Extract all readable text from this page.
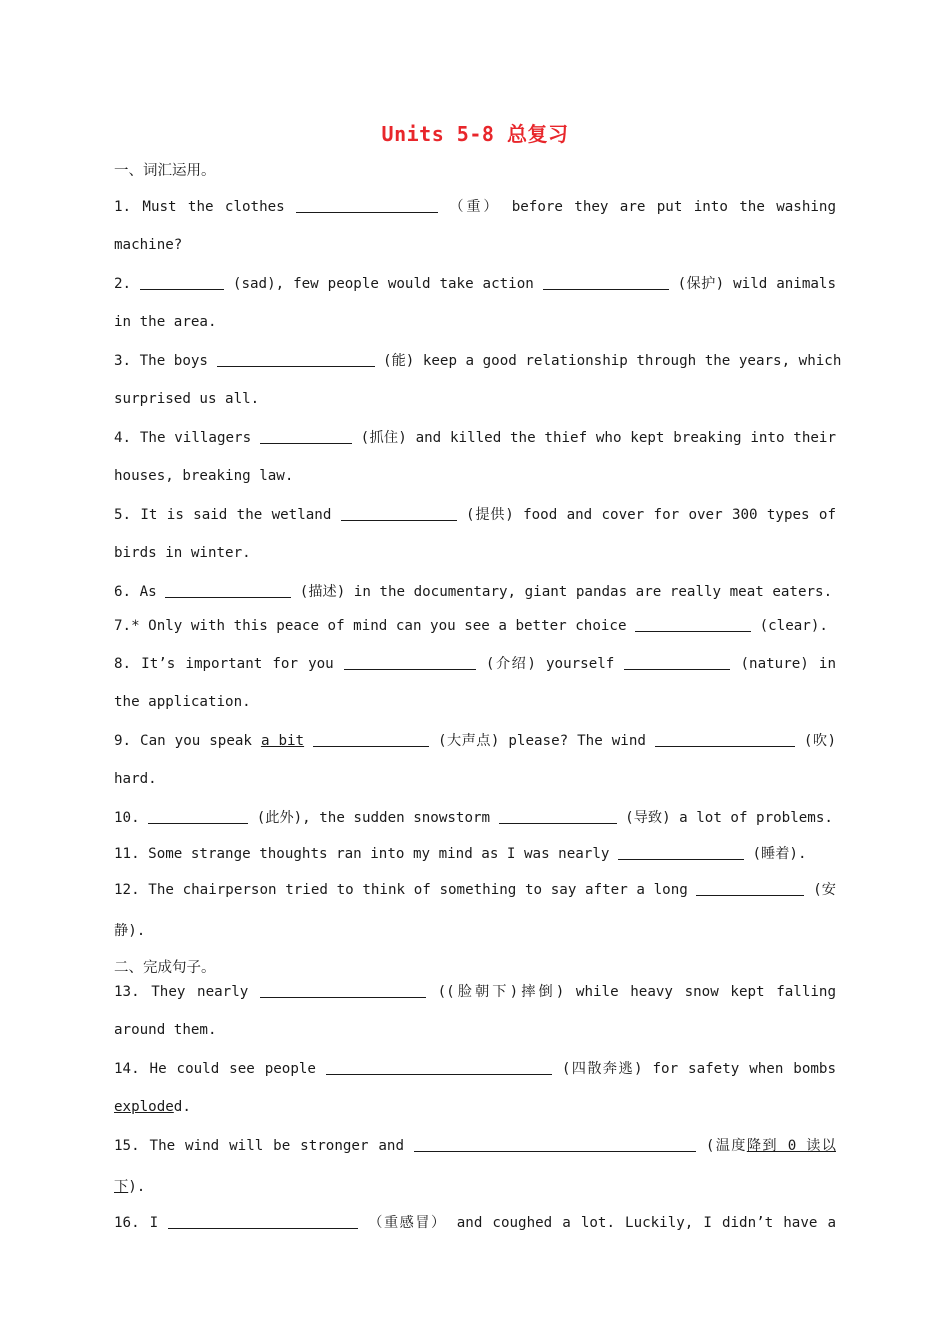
Units 5-8 总复习
一、词汇运用。
1. Must the clothes	（重） before they are put into the washing
machine?
2.	(sad), few people would take action	(保护) wild animals
in the area.
3. The boys	(能) keep a good relationship through the years, which
surprised us all.
4. The villagers	(抓住) and killed the thief who kept breaking into their
houses, breaking law.
5. It is said the wetland	(提供) food and cover for over 300 types of
birds in winter.
6. As	(描述) in the documentary, giant pandas are really meat eaters.
7.* Only with this peace of mind can you see a better choice	(clear).
8. It’s important for you	(介绍) yourself	(nature) in
the application.
9. Can you speak a bit	(大声点) please? The wind	(吹)
hard.
10.	(此外), the sudden snowstorm	(导致) a lot of problems.
11. Some strange thoughts ran into my mind as I was nearly	(睡着).
12. The chairperson tried to think of something to say after a long	(安
静).
二、完成句子。
13. They nearly	((脸朝下)摔倒) while heavy snow kept falling
around them.
14. He could see people	(四散奔逃) for safety when bombs
exploded.
15. The wind will be stronger and	(温度降到 0 读以
下).
16. I	（重感冒） and coughed a lot. Luckily, I didn’t have a
